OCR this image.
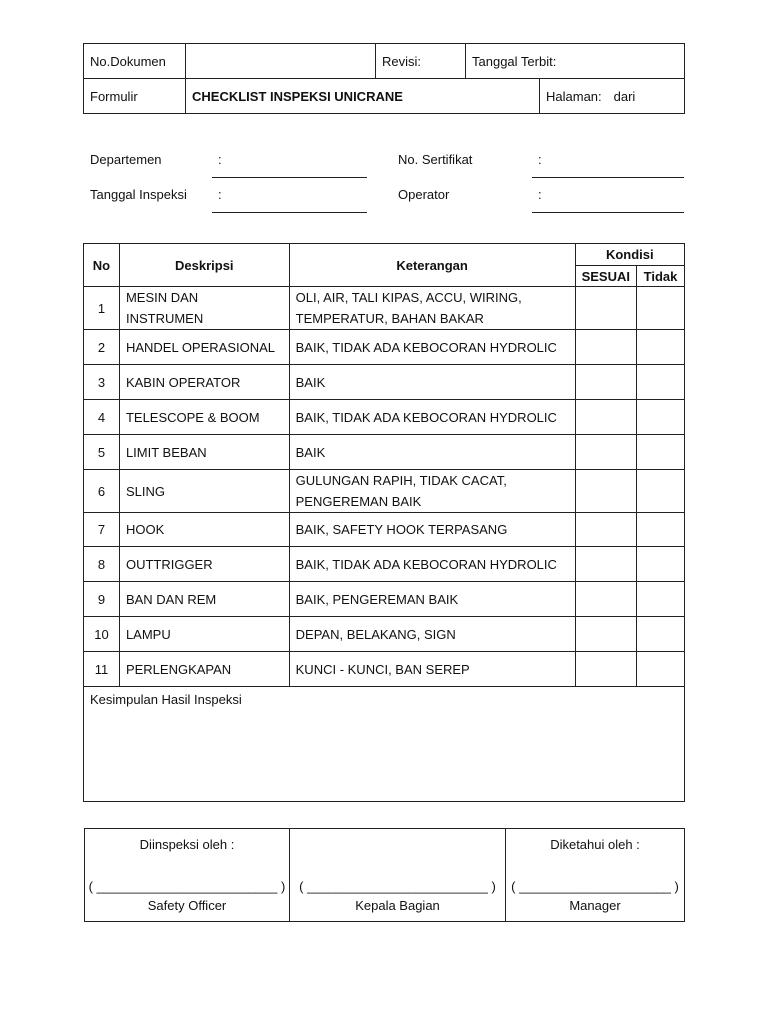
No.Dokumen		Revisi:	Tanggal Terbit:	
Formulir	CHECKLIST INSPEKSI UNICRANE			Halaman: dari
Departemen	:	No. Sertifikat	:
Tanggal Inspeksi :	Operator	:
No	Deskripsi	Keterangan	Kondisi	
			SESUAI	Tidak
1	MESIN DAN
INSTRUMEN	OLI, AIR, TALI KIPAS, ACCU, WIRING,
TEMPERATUR, BAHAN BAKAR		
2	HANDEL OPERASIONAL	BAIK, TIDAK ADA KEBOCORAN HYDROLIC		
3	KABIN OPERATOR	BAIK		
4	TELESCOPE & BOOM	BAIK, TIDAK ADA KEBOCORAN HYDROLIC		
5	LIMIT BEBAN	BAIK		
6	SLING	GULUNGAN RAPIH, TIDAK CACAT,
PENGEREMAN BAIK		
7	HOOK	BAIK, SAFETY HOOK TERPASANG		
8	OUTTRIGGER	BAIK, TIDAK ADA KEBOCORAN HYDROLIC		
9	BAN DAN REM	BAIK, PENGEREMAN BAIK		
10	LAMPU	DEPAN, BELAKANG, SIGN		
11	PERLENGKAPAN	KUNCI - KUNCI, BAN SEREP		
Kesimpulan Hasil Inspeksi				
Diinspeksi oleh :
( _________________________ )
Safety Officer

( _________________________ )
Kepala Bagian

Diketahui oleh :
( _____________________ )
Manager
